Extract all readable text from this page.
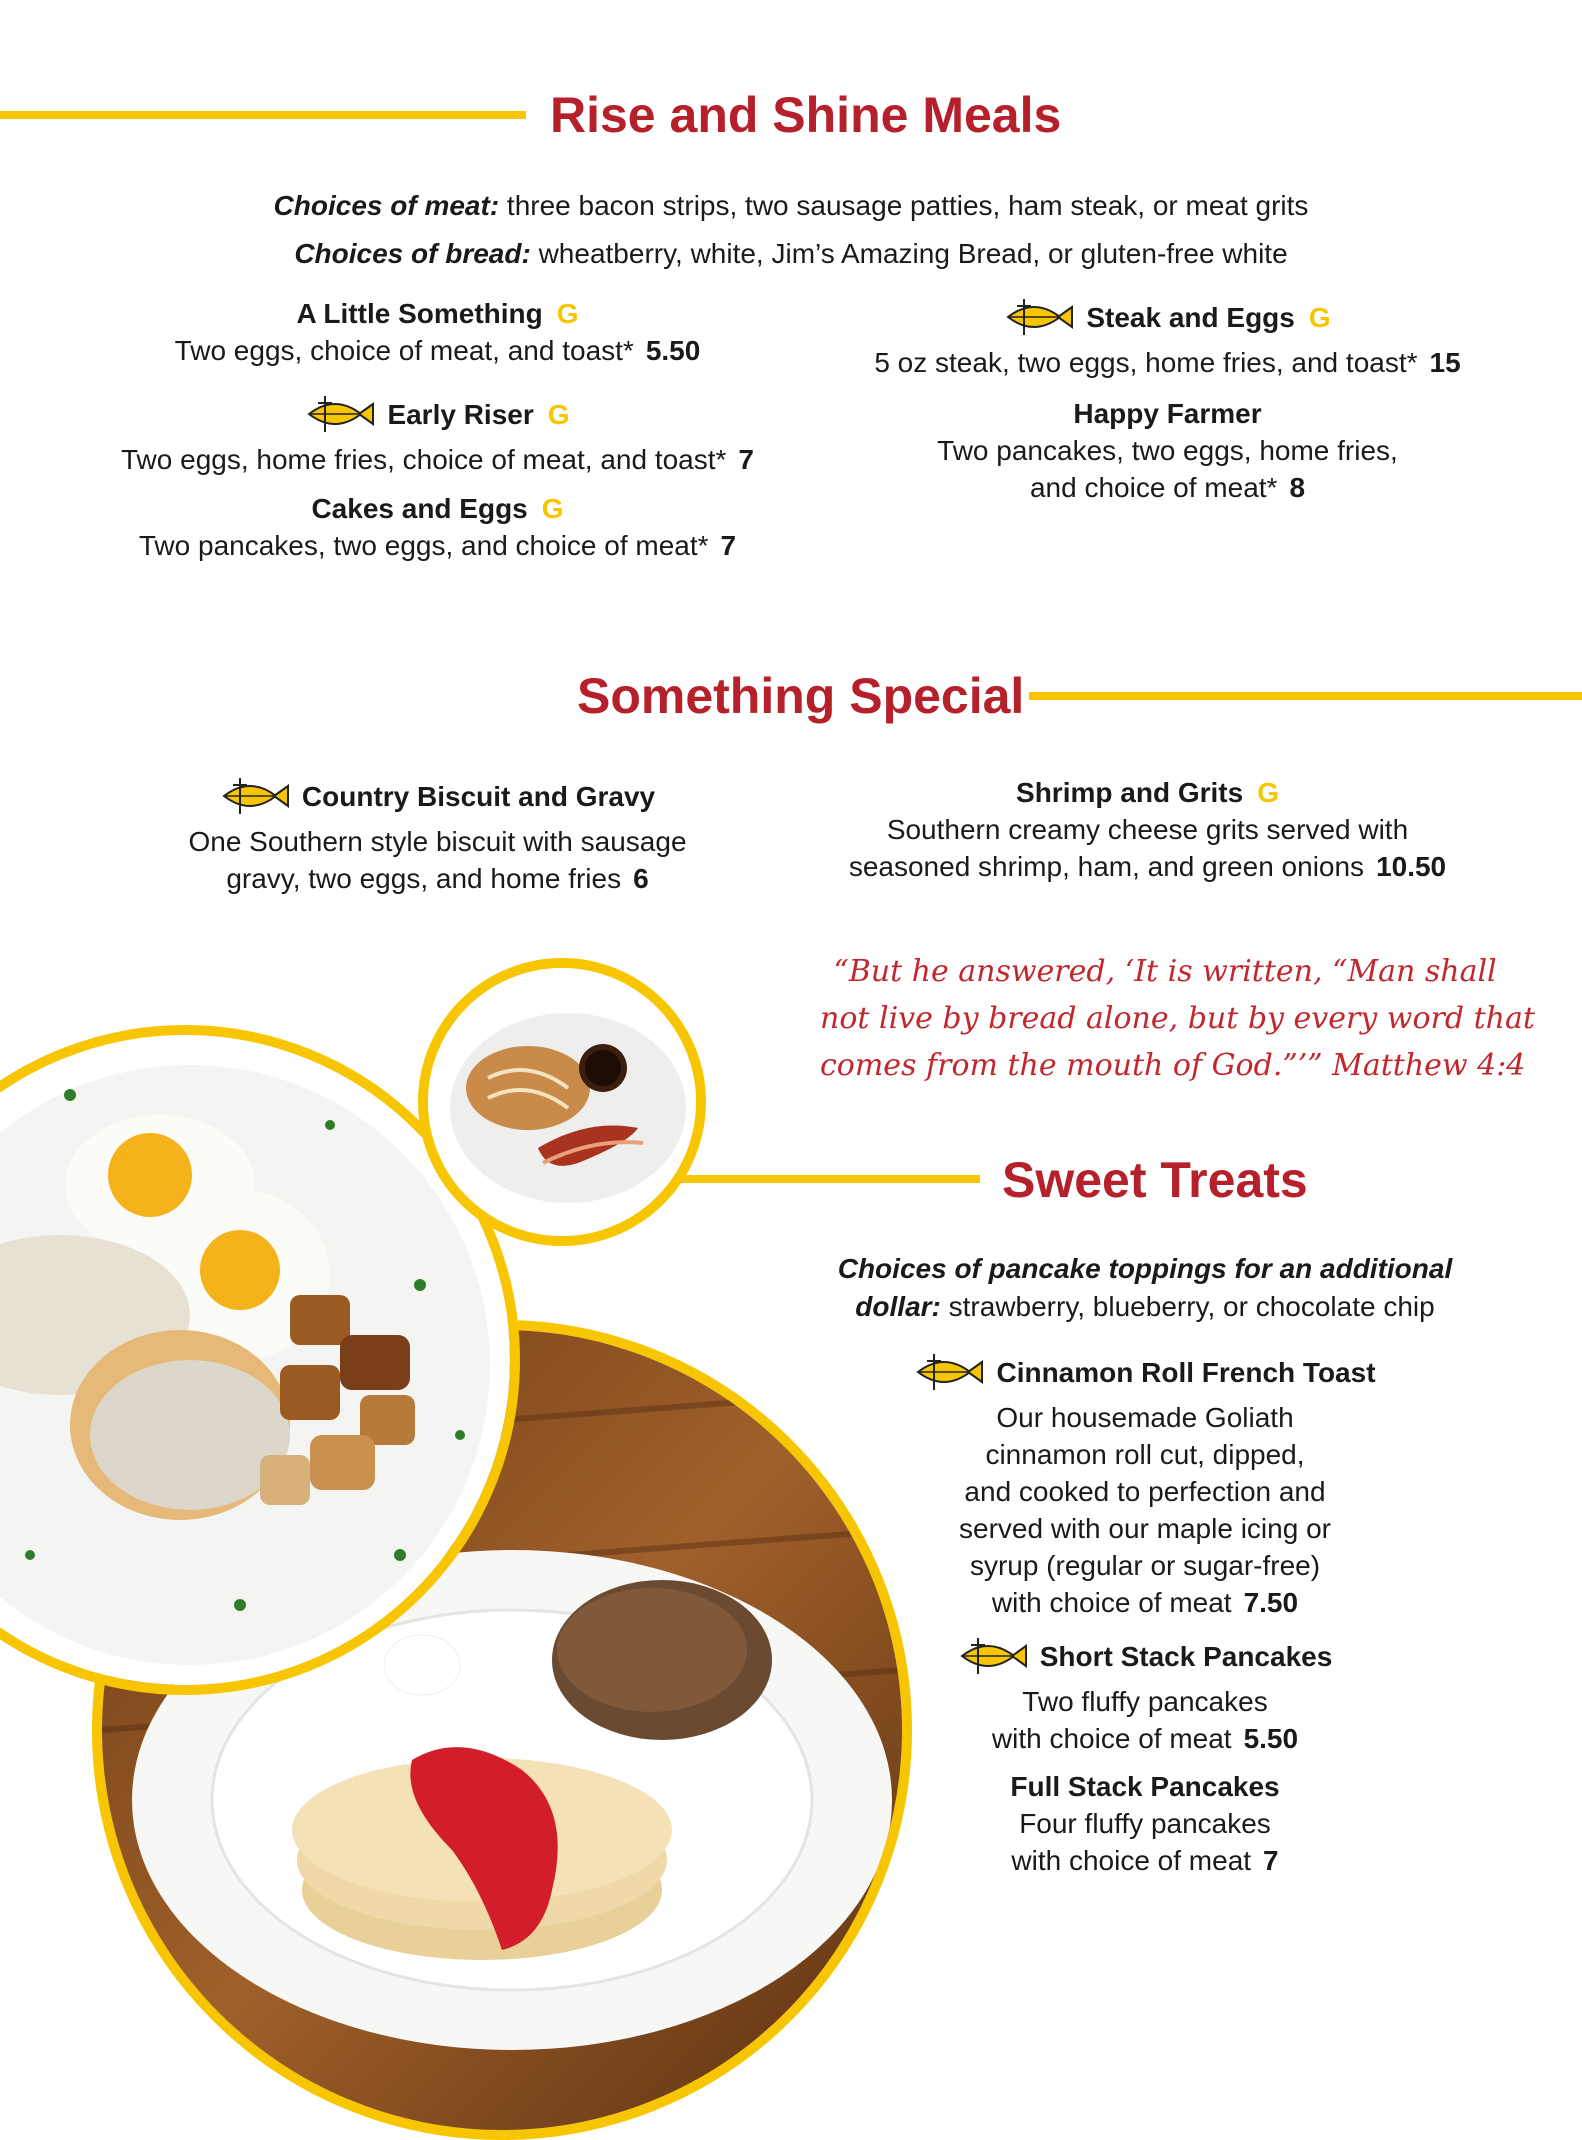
Rise and Shine Meals
Choices of meat: three bacon strips, two sausage patties, ham steak, or meat grits
Choices of bread: wheatberry, white, Jim’s Amazing Bread, or gluten-free white
A Little Something G
Two eggs, choice of meat, and toast* 5.50
Early Riser G
Two eggs, home fries, choice of meat, and toast* 7
Cakes and Eggs G
Two pancakes, two eggs, and choice of meat* 7
Steak and Eggs G
5 oz steak, two eggs, home fries, and toast* 15
Happy Farmer
Two pancakes, two eggs, home fries,
and choice of meat* 8
Something Special
Country Biscuit and Gravy
One Southern style biscuit with sausage
gravy, two eggs, and home fries 6
Shrimp and Grits G
Southern creamy cheese grits served with
seasoned shrimp, ham, and green onions 10.50
“But he answered, ‘It is written, “Man shall
not live by bread alone, but by every word that
comes from the mouth of God.”’” Matthew 4:4
Sweet Treats
Choices of pancake toppings for an additional
dollar: strawberry, blueberry, or chocolate chip
Cinnamon Roll French Toast
Our housemade Goliath
cinnamon roll cut, dipped,
and cooked to perfection and
served with our maple icing or
syrup (regular or sugar-free)
with choice of meat 7.50
Short Stack Pancakes
Two fluffy pancakes
with choice of meat 5.50
Full Stack Pancakes
Four fluffy pancakes
with choice of meat 7
